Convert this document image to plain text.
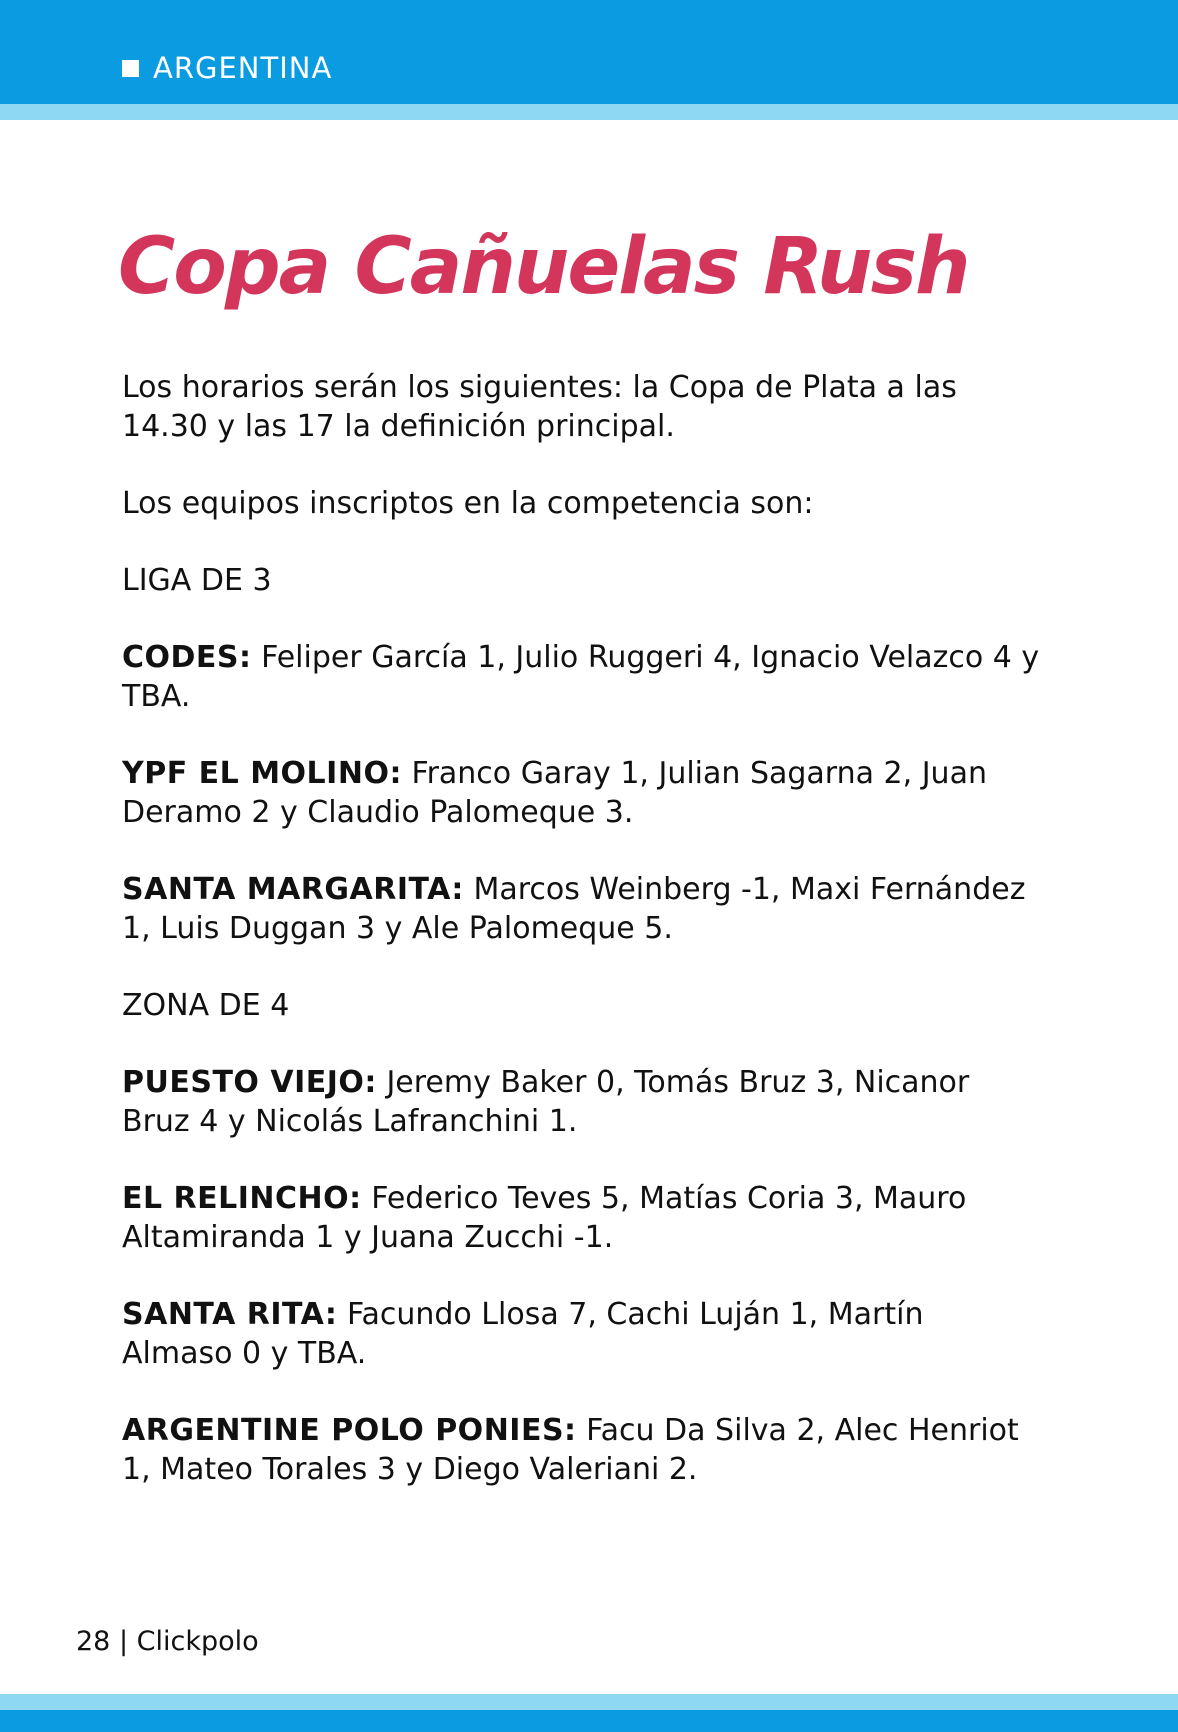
ARGENTINA
Copa Cañuelas Rush

Los horarios serán los siguientes: la Copa de Plata a las 14.30 y las 17 la definición principal.

Los equipos inscriptos en la competencia son:

LIGA DE 3

CODES: Feliper García 1, Julio Ruggeri 4, Ignacio Velazco 4 y TBA.

YPF EL MOLINO: Franco Garay 1, Julian Sagarna 2, Juan Deramo 2 y Claudio Palomeque 3.

SANTA MARGARITA: Marcos Weinberg -1, Maxi Fernández 1, Luis Duggan 3 y Ale Palomeque 5.

ZONA DE 4

PUESTO VIEJO: Jeremy Baker 0, Tomás Bruz 3, Nicanor Bruz 4 y Nicolás Lafranchini 1.

EL RELINCHO: Federico Teves 5, Matías Coria 3, Mauro Altamiranda 1 y Juana Zucchi -1.

SANTA RITA: Facundo Llosa 7, Cachi Luján 1, Martín Almaso 0 y TBA.

ARGENTINE POLO PONIES: Facu Da Silva 2, Alec Henriot 1, Mateo Torales 3 y Diego Valeriani 2.

28 | Clickpolo
